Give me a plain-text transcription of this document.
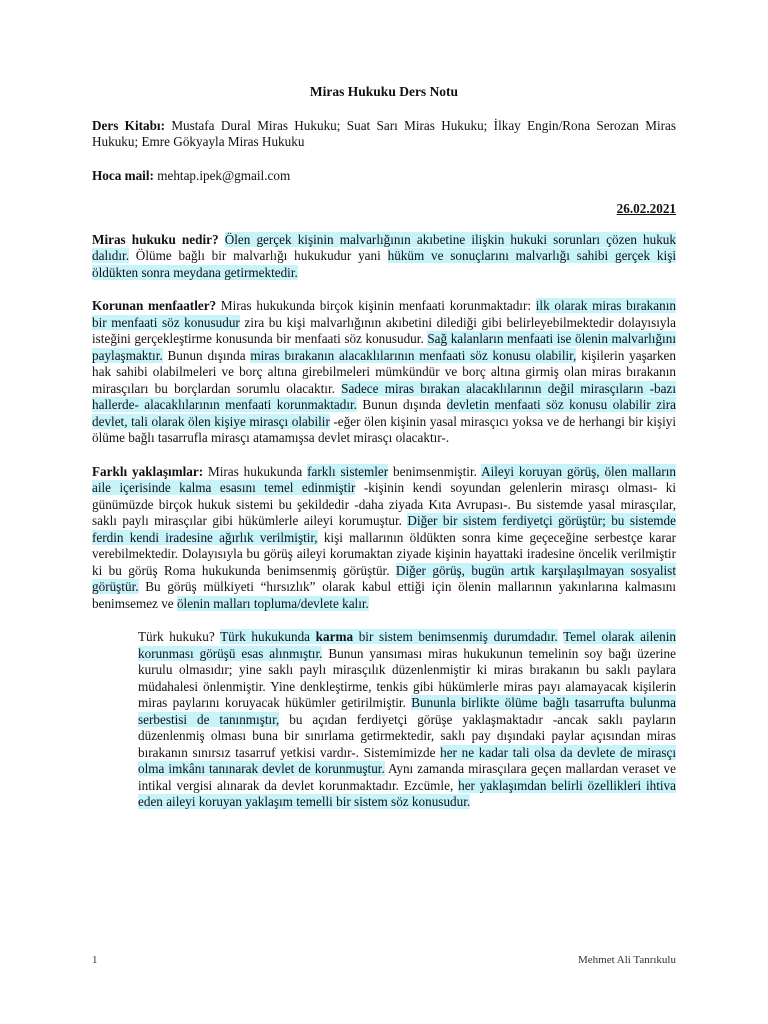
Miras Hukuku Ders Notu

Ders Kitabı: Mustafa Dural Miras Hukuku; Suat Sarı Miras Hukuku; İlkay Engin/Rona Serozan Miras Hukuku; Emre Gökyayla Miras Hukuku

Hoca mail: mehtap.ipek@gmail.com

26.02.2021

Miras hukuku nedir? Ölen gerçek kişinin malvarlığının akıbetine ilişkin hukuki sorunları çözen hukuk dalıdır. Ölüme bağlı bir malvarlığı hukukudur yani hüküm ve sonuçlarını malvarlığı sahibi gerçek kişi öldükten sonra meydana getirmektedir.

Korunan menfaatler? Miras hukukunda birçok kişinin menfaati korunmaktadır: ilk olarak miras bırakanın bir menfaati söz konusudur zira bu kişi malvarlığının akıbetini dilediği gibi belirleyebilmektedir dolayısıyla isteğini gerçekleştirme konusunda bir menfaati söz konusudur. Sağ kalanların menfaati ise ölenin malvarlığını paylaşmaktır. Bunun dışında miras bırakanın alacaklılarının menfaati söz konusu olabilir, kişilerin yaşarken hak sahibi olabilmeleri ve borç altına girebilmeleri mümkündür ve borç altına girmiş olan miras bırakanın mirasçıları bu borçlardan sorumlu olacaktır. Sadece miras bırakan alacaklılarının değil mirasçıların -bazı hallerde- alacaklılarının menfaati korunmaktadır. Bunun dışında devletin menfaati söz konusu olabilir zira devlet, tali olarak ölen kişiye mirasçı olabilir -eğer ölen kişinin yasal mirasçıcı yoksa ve de herhangi bir kişiyi ölüme bağlı tasarrufla mirasçı atamamışsa devlet mirasçı olacaktır-.

Farklı yaklaşımlar: Miras hukukunda farklı sistemler benimsenmiştir. Aileyi koruyan görüş, ölen malların aile içerisinde kalma esasını temel edinmiştir -kişinin kendi soyundan gelenlerin mirasçı olması- ki günümüzde birçok hukuk sistemi bu şekildedir -daha ziyada Kıta Avrupası-. Bu sistemde yasal mirasçılar, saklı paylı mirasçılar gibi hükümlerle aileyi korumuştur. Diğer bir sistem ferdiyetçi görüştür; bu sistemde ferdin kendi iradesine ağırlık verilmiştir, kişi mallarının öldükten sonra kime geçeceğine serbestçe karar verebilmektedir. Dolayısıyla bu görüş aileyi korumaktan ziyade kişinin hayattaki iradesine öncelik verilmiştir ki bu görüş Roma hukukunda benimsenmiş görüştür. Diğer görüş, bugün artık karşılaşılmayan sosyalist görüştür. Bu görüş mülkiyeti “hırsızlık” olarak kabul ettiği için ölenin mallarının yakınlarına kalmasını benimsemez ve ölenin malları topluma/devlete kalır.

Türk hukuku? Türk hukukunda karma bir sistem benimsenmiş durumdadır. Temel olarak ailenin korunması görüşü esas alınmıştır. Bunun yansıması miras hukukunun temelinin soy bağı üzerine kurulu olmasıdır; yine saklı paylı mirasçılık düzenlenmiştir ki miras bırakanın bu saklı paylara müdahalesi önlenmiştir. Yine denkleştirme, tenkis gibi hükümlerle miras payı alamayacak kişilerin miras paylarını koruyacak hükümler getirilmiştir. Bununla birlikte ölüme bağlı tasarrufta bulunma serbestisi de tanınmıştır, bu açıdan ferdiyetçi görüşe yaklaşmaktadır -ancak saklı payların düzenlenmiş olması buna bir sınırlama getirmektedir, saklı pay dışındaki paylar açısından miras bırakanın sınırsız tasarruf yetkisi vardır-. Sistemimizde her ne kadar tali olsa da devlete de mirasçı olma imkânı tanınarak devlet de korunmuştur. Aynı zamanda mirasçılara geçen mallardan veraset ve intikal vergisi alınarak da devlet korunmaktadır. Ezcümle, her yaklaşımdan belirli özellikleri ihtiva eden aileyi koruyan yaklaşım temelli bir sistem söz konusudur.

1	Mehmet Ali Tanrıkulu
